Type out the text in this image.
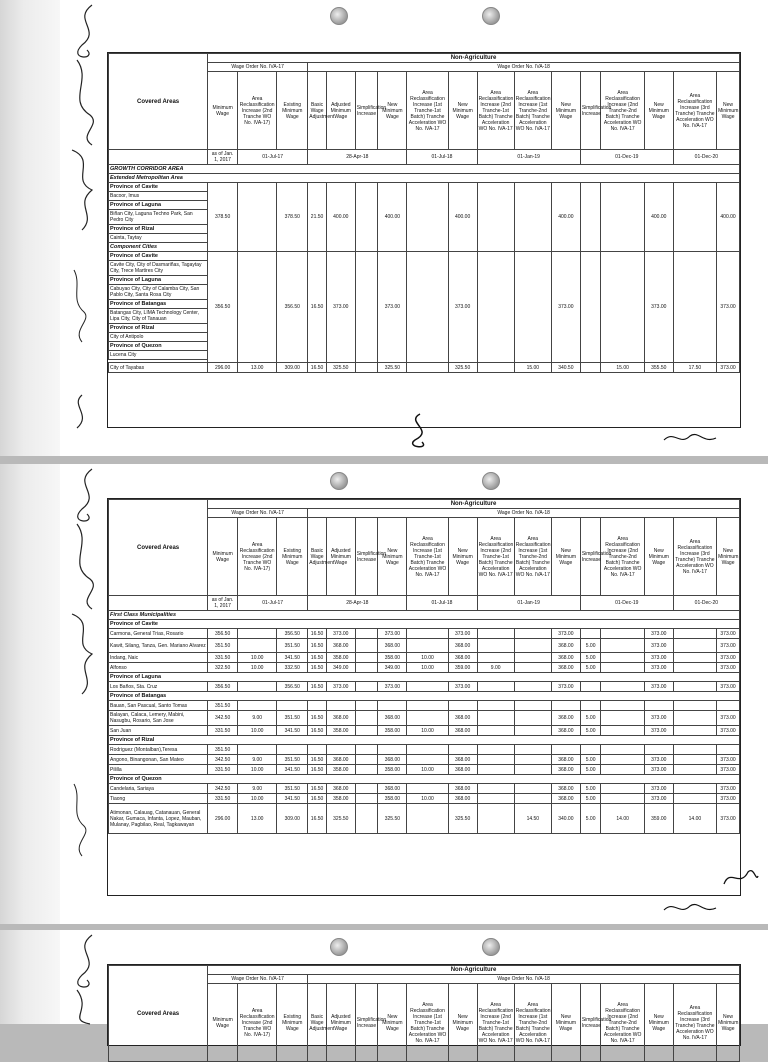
Covered Areas	Non-Agriculture																
	Wage Order No. IVA-17			Wage Order No. IVA-18													
	Minimum Wage	Area Reclassification Increase (2nd Tranche WO No. IVA-17)	Existing Minimum Wage	Basic Wage Adjustment	Adjusted Minimum Wage	Simplification Increase	New Minimum Wage	Area Reclassification Increase (1st Tranche-1st Batch) Tranche Acceleration WO No. IVA-17	New Minimum Wage	Area Reclassification Increase (2nd Tranche-1st Batch) Tranche Acceleration WO No. IVA-17	Area Reclassification Increase (1st Tranche-2nd Batch) Tranche Acceleration WO No. IVA-17	New Minimum Wage	Simplification Increase	Area Reclassification Increase (2nd Tranche-2nd Batch) Tranche Acceleration WO No. IVA-17	New Minimum Wage	Area Reclassification Increase (3rd Tranche) Tranche Acceleration WO No. IVA-17	New Minimum Wage
	as of Jan. 1, 2017	01-Jul-17		28-Apr-18				01-Jul-18		01-Jan-19			01-Dec-19			01-Dec-20	
GROWTH CORRIDOR AREA																	
Extended Metropolitan Area																	
Province of Cavite	378.50		378.50	21.50	400.00		400.00		400.00			400.00			400.00		400.00
Bacoor, Imus																	
Province of Laguna																	
Biñan City, Laguna Techno Park, San Pedro City																	
Province of Rizal																	
Cainta, Taytay																	
Component Cities																	
Province of Cavite	356.50		356.50	16.50	373.00		373.00		373.00			373.00			373.00		373.00
Cavite City, City of Dasmariñas, Tagaytay City, Trece Martires City																	
Province of Laguna																	
Cabuyao City, City of Calamba City, San Pablo City, Santa Rosa City																	
Province of Batangas																	
Batangas City, LIMA Technology Center, Lipa City, City of Tanauan																	
Province of Rizal																	
City of Antipolo																	
Province of Quezon																	
Lucena City																	

City of Tayabas	296.00	13.00	309.00	16.50	325.50		325.50		325.50		15.00	340.50		15.00	355.50	17.50	373.00
Covered Areas	Non-Agriculture																
	Wage Order No. IVA-17			Wage Order No. IVA-18													
	Minimum Wage	Area Reclassification Increase (2nd Tranche WO No. IVA-17)	Existing Minimum Wage	Basic Wage Adjustment	Adjusted Minimum Wage	Simplification Increase	New Minimum Wage	Area Reclassification Increase (1st Tranche-1st Batch) Tranche Acceleration WO No. IVA-17	New Minimum Wage	Area Reclassification Increase (2nd Tranche-1st Batch) Tranche Acceleration WO No. IVA-17	Area Reclassification Increase (1st Tranche-2nd Batch) Tranche Acceleration WO No. IVA-17	New Minimum Wage	Simplification Increase	Area Reclassification Increase (2nd Tranche-2nd Batch) Tranche Acceleration WO No. IVA-17	New Minimum Wage	Area Reclassification Increase (3rd Tranche) Tranche Acceleration WO No. IVA-17	New Minimum Wage
	as of Jan. 1, 2017	01-Jul-17		28-Apr-18				01-Jul-18		01-Jan-19			01-Dec-19			01-Dec-20	
First Class Municipalities																	
Province of Cavite																	
Carmona, General Trias, Rosario	356.50		356.50	16.50	373.00		373.00		373.00			373.00			373.00		373.00
Kawit, Silang, Tanza, Gen. Mariano Alvarez	351.50		351.50	16.50	368.00		368.00		368.00			368.00	5.00		373.00		373.00
Indang, Naic	331.50	10.00	341.50	16.50	358.00		358.00	10.00	368.00			368.00	5.00		373.00		373.00
Alfonso	322.50	10.00	332.50	16.50	349.00		349.00	10.00	359.00	9.00		368.00	5.00		373.00		373.00
Province of Laguna																	
Los Baños, Sta. Cruz	356.50		356.50	16.50	373.00		373.00		373.00			373.00			373.00		373.00
Province of Batangas																	
Bauan, San Pascual, Santo Tomas	351.50																
Balayan, Calaca, Lemery, Mabini, Nasugbu, Rosario, San Jose	342.50	9.00	351.50	16.50	368.00		368.00		368.00			368.00	5.00		373.00		373.00
San Juan	331.50	10.00	341.50	16.50	358.00		358.00	10.00	368.00			368.00	5.00		373.00		373.00
Province of Rizal																	
Rodriguez (Montalban),Teresa	351.50																
Angono, Binangonan, San Mateo	342.50	9.00	351.50	16.50	368.00		368.00		368.00			368.00	5.00		373.00		373.00
Pililla	331.50	10.00	341.50	16.50	358.00		358.00	10.00	368.00			368.00	5.00		373.00		373.00
Province of Quezon																	
Candelaria, Sariaya	342.50	9.00	351.50	16.50	368.00		368.00		368.00			368.00	5.00		373.00		373.00
Tiaong	331.50	10.00	341.50	16.50	358.00		358.00	10.00	368.00			368.00	5.00		373.00		373.00
Atimonan, Calauag, Catanauan, General Nakar, Gumaca, Infanta, Lopez, Mauban, Mulanay, Pagbilao, Real, Tagkawayan	296.00	13.00	309.00	16.50	325.50		325.50		325.50		14.50	340.00	5.00	14.00	359.00	14.00	373.00
Covered Areas	Non-Agriculture																
	Wage Order No. IVA-17			Wage Order No. IVA-18													
	Minimum Wage	Area Reclassification Increase (2nd Tranche WO No. IVA-17)	Existing Minimum Wage	Basic Wage Adjustment	Adjusted Minimum Wage	Simplification Increase	New Minimum Wage	Area Reclassification Increase (1st Tranche-1st Batch) Tranche Acceleration WO No. IVA-17	New Minimum Wage	Area Reclassification Increase (2nd Tranche-1st Batch) Tranche Acceleration WO No. IVA-17	Area Reclassification Increase (1st Tranche-2nd Batch) Tranche Acceleration WO No. IVA-17	New Minimum Wage	Simplification Increase	Area Reclassification Increase (2nd Tranche-2nd Batch) Tranche Acceleration WO No. IVA-17	New Minimum Wage	Area Reclassification Increase (3rd Tranche) Tranche Acceleration WO No. IVA-17	New Minimum Wage
